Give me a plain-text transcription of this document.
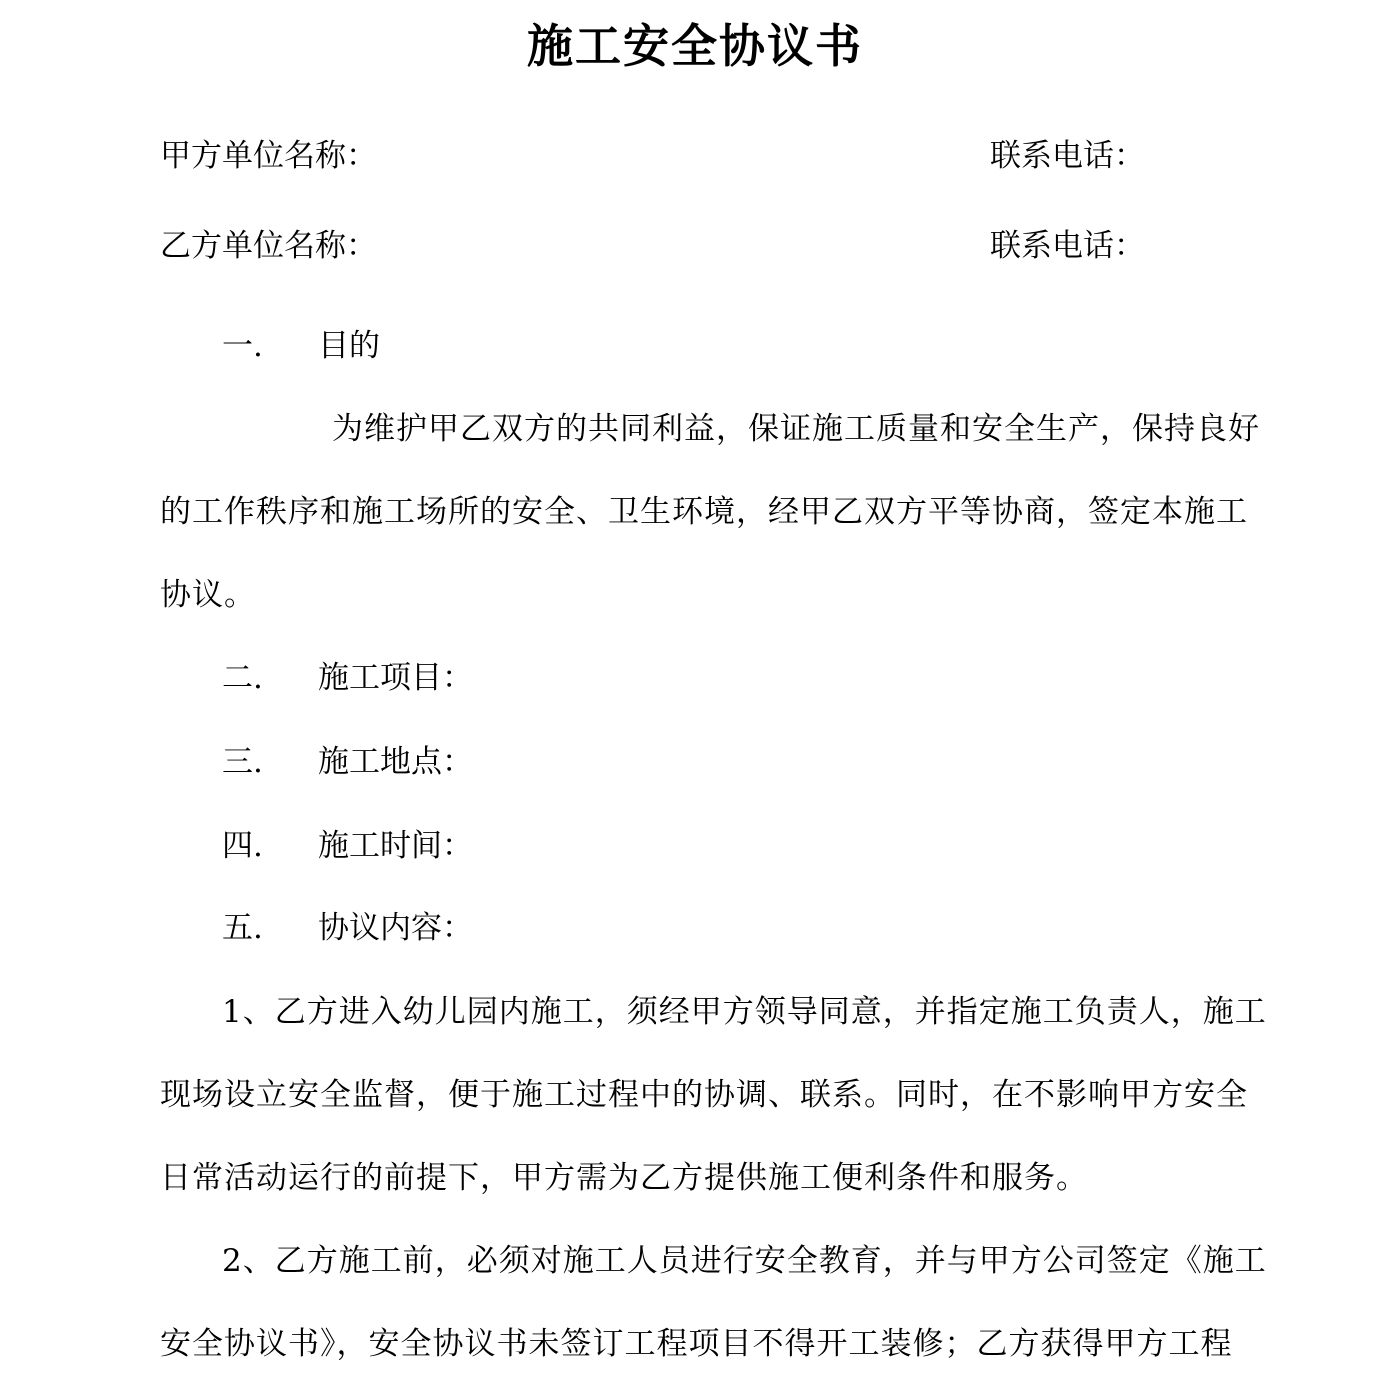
施工安全协议书
甲方单位名称：	联系电话：
乙方单位名称：	联系电话：
一. 目的
为维护甲乙双方的共同利益，保证施工质量和安全生产，保持良好
的工作秩序和施工场所的安全、卫生环境，经甲乙双方平等协商，签定本施工
协议。
二. 施工项目：
三. 施工地点：
四. 施工时间：
五. 协议内容：
1、乙方进入幼儿园内施工，须经甲方领导同意，并指定施工负责人，施工
现场设立安全监督，便于施工过程中的协调、联系。同时，在不影响甲方安全
日常活动运行的前提下，甲方需为乙方提供施工便利条件和服务。
2、乙方施工前，必须对施工人员进行安全教育，并与甲方公司签定《施工
安全协议书》，安全协议书未签订工程项目不得开工装修；乙方获得甲方工程
